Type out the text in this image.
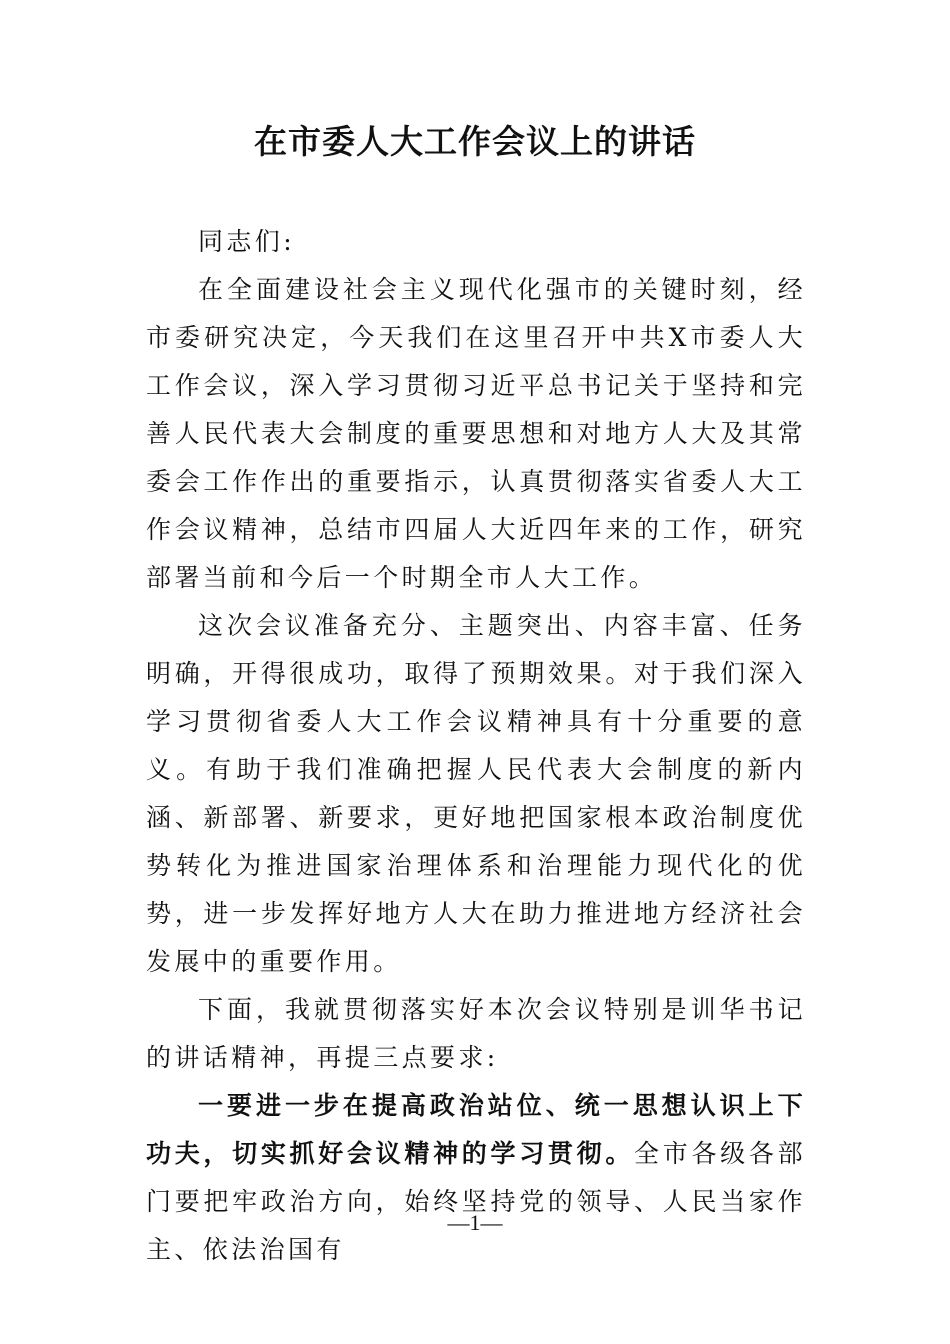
在市委人大工作会议上的讲话

同志们:

在全面建设社会主义现代化强市的关键时刻，经市委研究决定，今天我们在这里召开中共X市委人大工作会议，深入学习贯彻习近平总书记关于坚持和完善人民代表大会制度的重要思想和对地方人大及其常委会工作作出的重要指示，认真贯彻落实省委人大工作会议精神，总结市四届人大近四年来的工作，研究部署当前和今后一个时期全市人大工作。

这次会议准备充分、主题突出、内容丰富、任务明确，开得很成功，取得了预期效果。对于我们深入学习贯彻省委人大工作会议精神具有十分重要的意义。有助于我们准确把握人民代表大会制度的新内涵、新部署、新要求，更好地把国家根本政治制度优势转化为推进国家治理体系和治理能力现代化的优势，进一步发挥好地方人大在助力推进地方经济社会发展中的重要作用。

下面，我就贯彻落实好本次会议特别是训华书记的讲话精神，再提三点要求:

一要进一步在提高政治站位、统一思想认识上下功夫，切实抓好会议精神的学习贯彻。全市各级各部门要把牢政治方向，始终坚持党的领导、人民当家作主、依法治国有

—1—
